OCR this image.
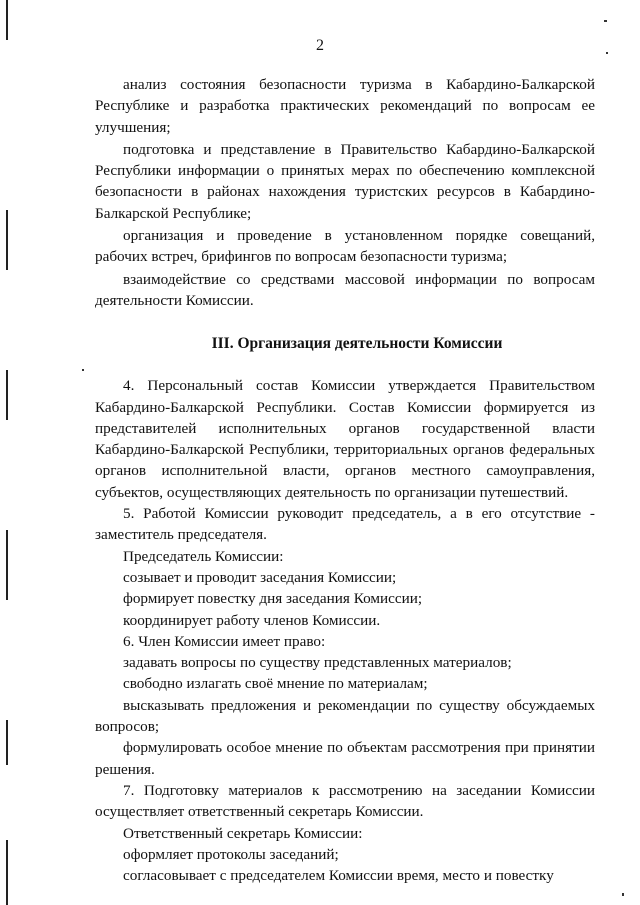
2

анализ состояния безопасности туризма в Кабардино-Балкарской Республике и разработка практических рекомендаций по вопросам ее улучшения;

подготовка и представление в Правительство Кабардино-Балкарской Республики информации о принятых мерах по обеспечению комплексной безопасности в районах нахождения туристских ресурсов в Кабардино-Балкарской Республике;

организация и проведение в установленном порядке совещаний, рабочих встреч, брифингов по вопросам безопасности туризма;

взаимодействие со средствами массовой информации по вопросам деятельности Комиссии.

III. Организация деятельности Комиссии

4. Персональный состав Комиссии утверждается Правительством Кабардино-Балкарской Республики. Состав Комиссии формируется из представителей исполнительных органов государственной власти Кабардино-Балкарской Республики, территориальных органов федеральных органов исполнительной власти, органов местного самоуправления, субъектов, осуществляющих деятельность по организации путешествий.

5. Работой Комиссии руководит председатель, а в его отсутствие - заместитель председателя.

Председатель Комиссии:

созывает и проводит заседания Комиссии;

формирует повестку дня заседания Комиссии;

координирует работу членов Комиссии.

6. Член Комиссии имеет право:

задавать вопросы по существу представленных материалов;

свободно излагать своё мнение по материалам;

высказывать предложения и рекомендации по существу обсуждаемых вопросов;

формулировать особое мнение по объектам рассмотрения при принятии решения.

7. Подготовку материалов к рассмотрению на заседании Комиссии осуществляет ответственный секретарь Комиссии.

Ответственный секретарь Комиссии:

оформляет протоколы заседаний;

согласовывает с председателем Комиссии время, место и повестку
